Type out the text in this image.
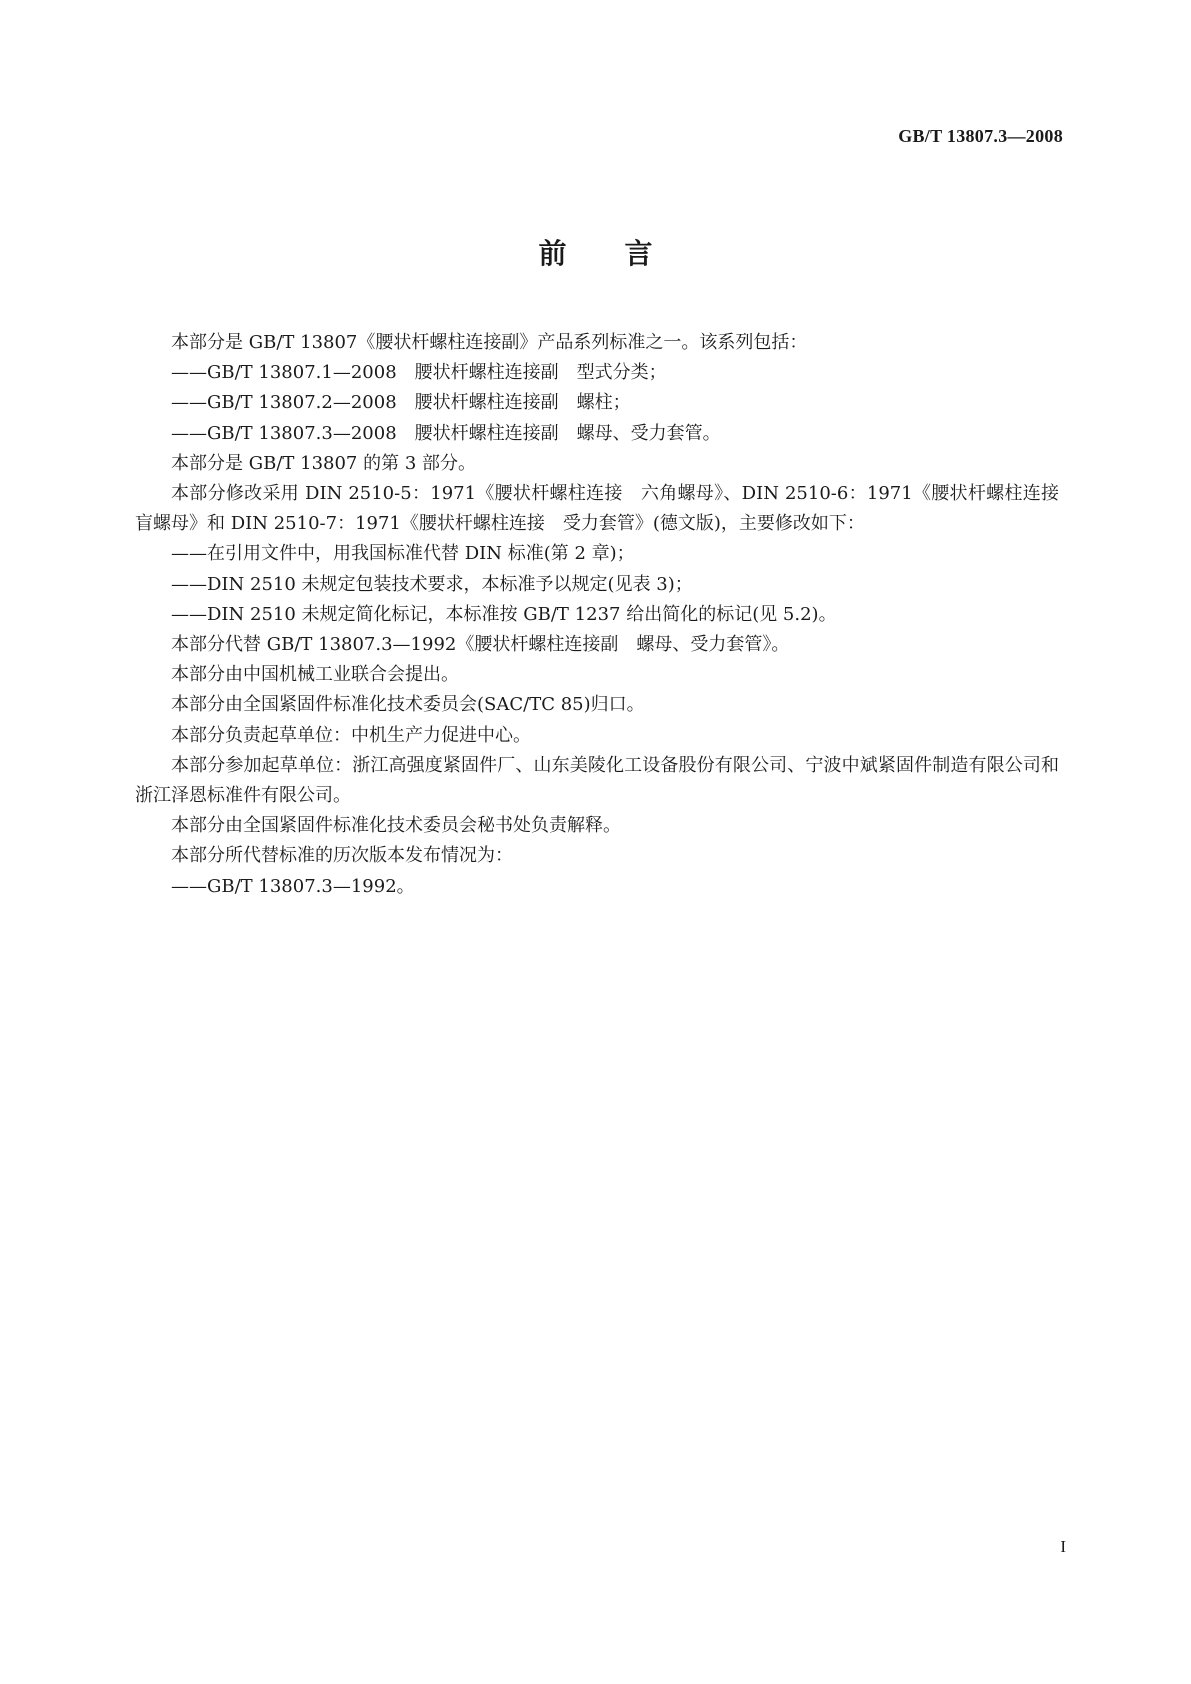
GB/T 13807.3—2008
前 言

本部分是 GB/T 13807《腰状杆螺柱连接副》产品系列标准之一。该系列包括：

——GB/T 13807.1—2008　腰状杆螺柱连接副　型式分类；

——GB/T 13807.2—2008　腰状杆螺柱连接副　螺柱；

——GB/T 13807.3—2008　腰状杆螺柱连接副　螺母、受力套管。

本部分是 GB/T 13807 的第 3 部分。

本部分修改采用 DIN 2510-5：1971《腰状杆螺柱连接　六角螺母》、DIN 2510-6：1971《腰状杆螺柱连接　盲螺母》和 DIN 2510-7：1971《腰状杆螺柱连接　受力套管》(德文版)，主要修改如下：

——在引用文件中，用我国标准代替 DIN 标准(第 2 章)；

——DIN 2510 未规定包装技术要求，本标准予以规定(见表 3)；

——DIN 2510 未规定简化标记，本标准按 GB/T 1237 给出简化的标记(见 5.2)。

本部分代替 GB/T 13807.3—1992《腰状杆螺柱连接副　螺母、受力套管》。

本部分由中国机械工业联合会提出。

本部分由全国紧固件标准化技术委员会(SAC/TC 85)归口。

本部分负责起草单位：中机生产力促进中心。

本部分参加起草单位：浙江高强度紧固件厂、山东美陵化工设备股份有限公司、宁波中斌紧固件制造有限公司和浙江泽恩标准件有限公司。

本部分由全国紧固件标准化技术委员会秘书处负责解释。

本部分所代替标准的历次版本发布情况为：

——GB/T 13807.3—1992。

I
